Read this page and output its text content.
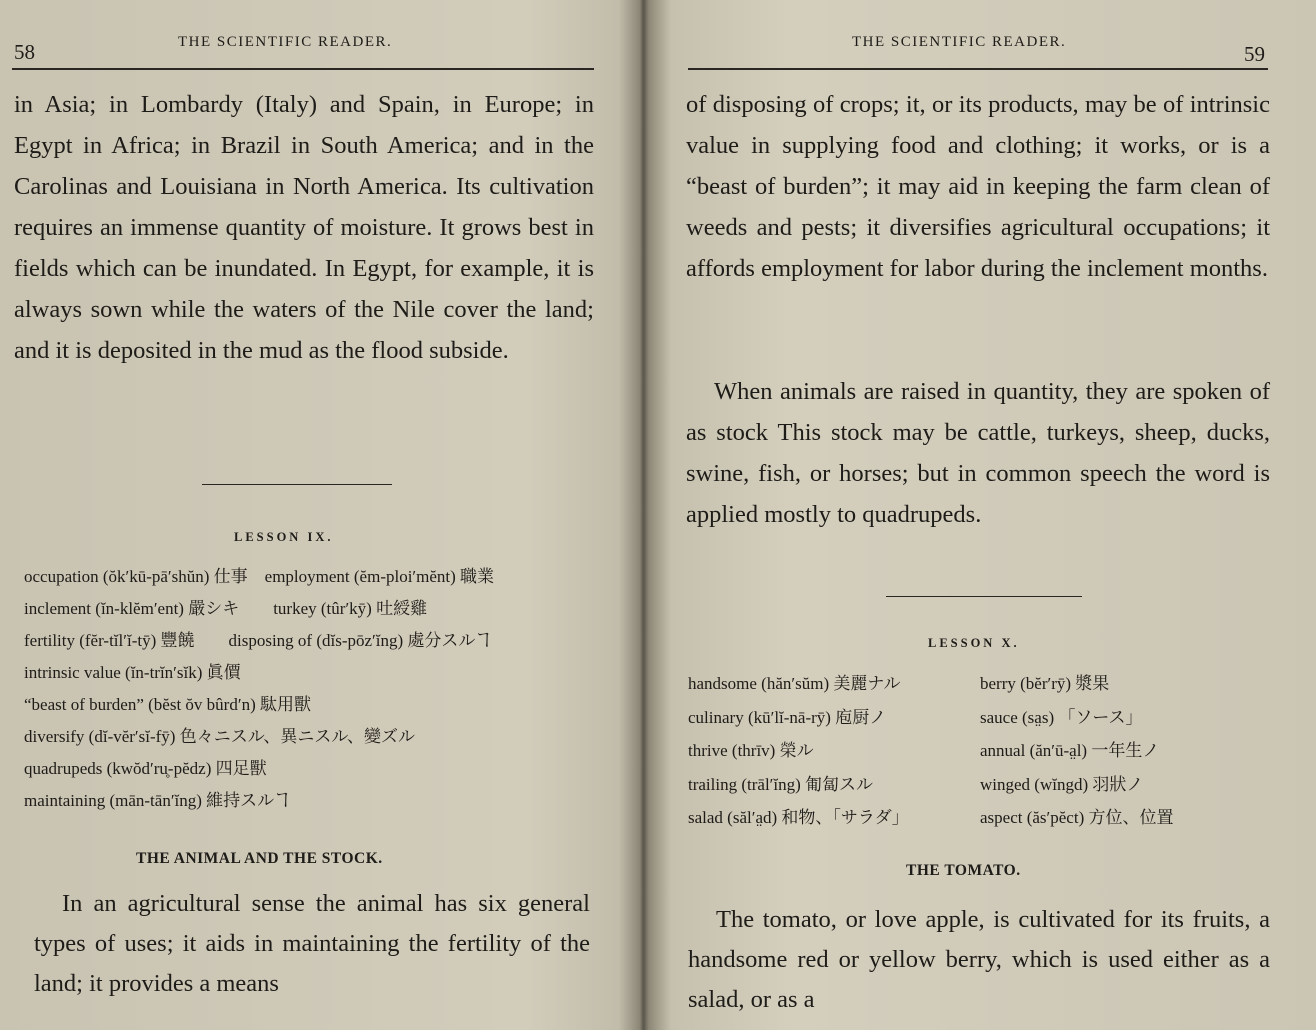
58	THE SCIENTIFIC READER.

in Asia; in Lombardy (Italy) and Spain, in Europe; in Egypt in Africa; in Brazil in South America; and in the Carolinas and Louisiana in North America. Its cultivation requires an immense quantity of moisture. It grows best in fields which can be inundated. In Egypt, for example, it is always sown while the waters of the Nile cover the land; and it is deposited in the mud as the flood subside.

LESSON IX.
occupation (ŏk′kū-pā′shŭn) 仕事　employment (ĕm-ploi′mĕnt) 職業
inclement (ĭn-klĕm′ent) 嚴シキ　　turkey (tûr′kȳ) 吐綬雞
fertility (fĕr-tĭl′ĭ-tȳ) 豐饒　　disposing of (dĭs-pōz′ĭng) 處分スルヿ
intrinsic value (ĭn-trĭn′sĭk) 眞價
“beast of burden” (bĕst ŏv bûrd′n) 駄用獸
diversify (dĭ-vĕr′sĭ-fȳ) 色々ニスル、異ニスル、變ズル
quadrupeds (kwŏd′ru̥-pĕdz) 四足獸
maintaining (mān-tān′ĭng) 維持スルヿ
THE ANIMAL AND THE STOCK.

In an agricultural sense the animal has six general types of uses; it aids in maintaining the fertility of the land; it provides a means

THE SCIENTIFIC READER.	59

of disposing of crops; it, or its products, may be of intrinsic value in supplying food and clothing; it works, or is a “beast of burden”; it may aid in keeping the farm clean of weeds and pests; it diversifies agricultural occupations; it affords employment for labor during the inclement months.

When animals are raised in quantity, they are spoken of as stock This stock may be cattle, turkeys, sheep, ducks, swine, fish, or horses; but in common speech the word is applied mostly to quadrupeds.

LESSON X.
handsome (hăn′sŭm) 美麗ナル	berry (bĕr′rȳ) 漿果
culinary (kū′lĭ-nā-rȳ) 庖厨ノ	sauce (sa̤s) 「ソース」
thrive (thrīv) 榮ル	annual (ăn′ū-a̤l) 一年生ノ
trailing (trāl′ĭng) 匍匐スル	winged (wĭngd) 羽狀ノ
salad (săl′a̤d) 和物、「サラダ」	aspect (ăs′pĕct) 方位、位置
THE TOMATO.

The tomato, or love apple, is cultivated for its fruits, a handsome red or yellow berry, which is used either as a salad, or as a
